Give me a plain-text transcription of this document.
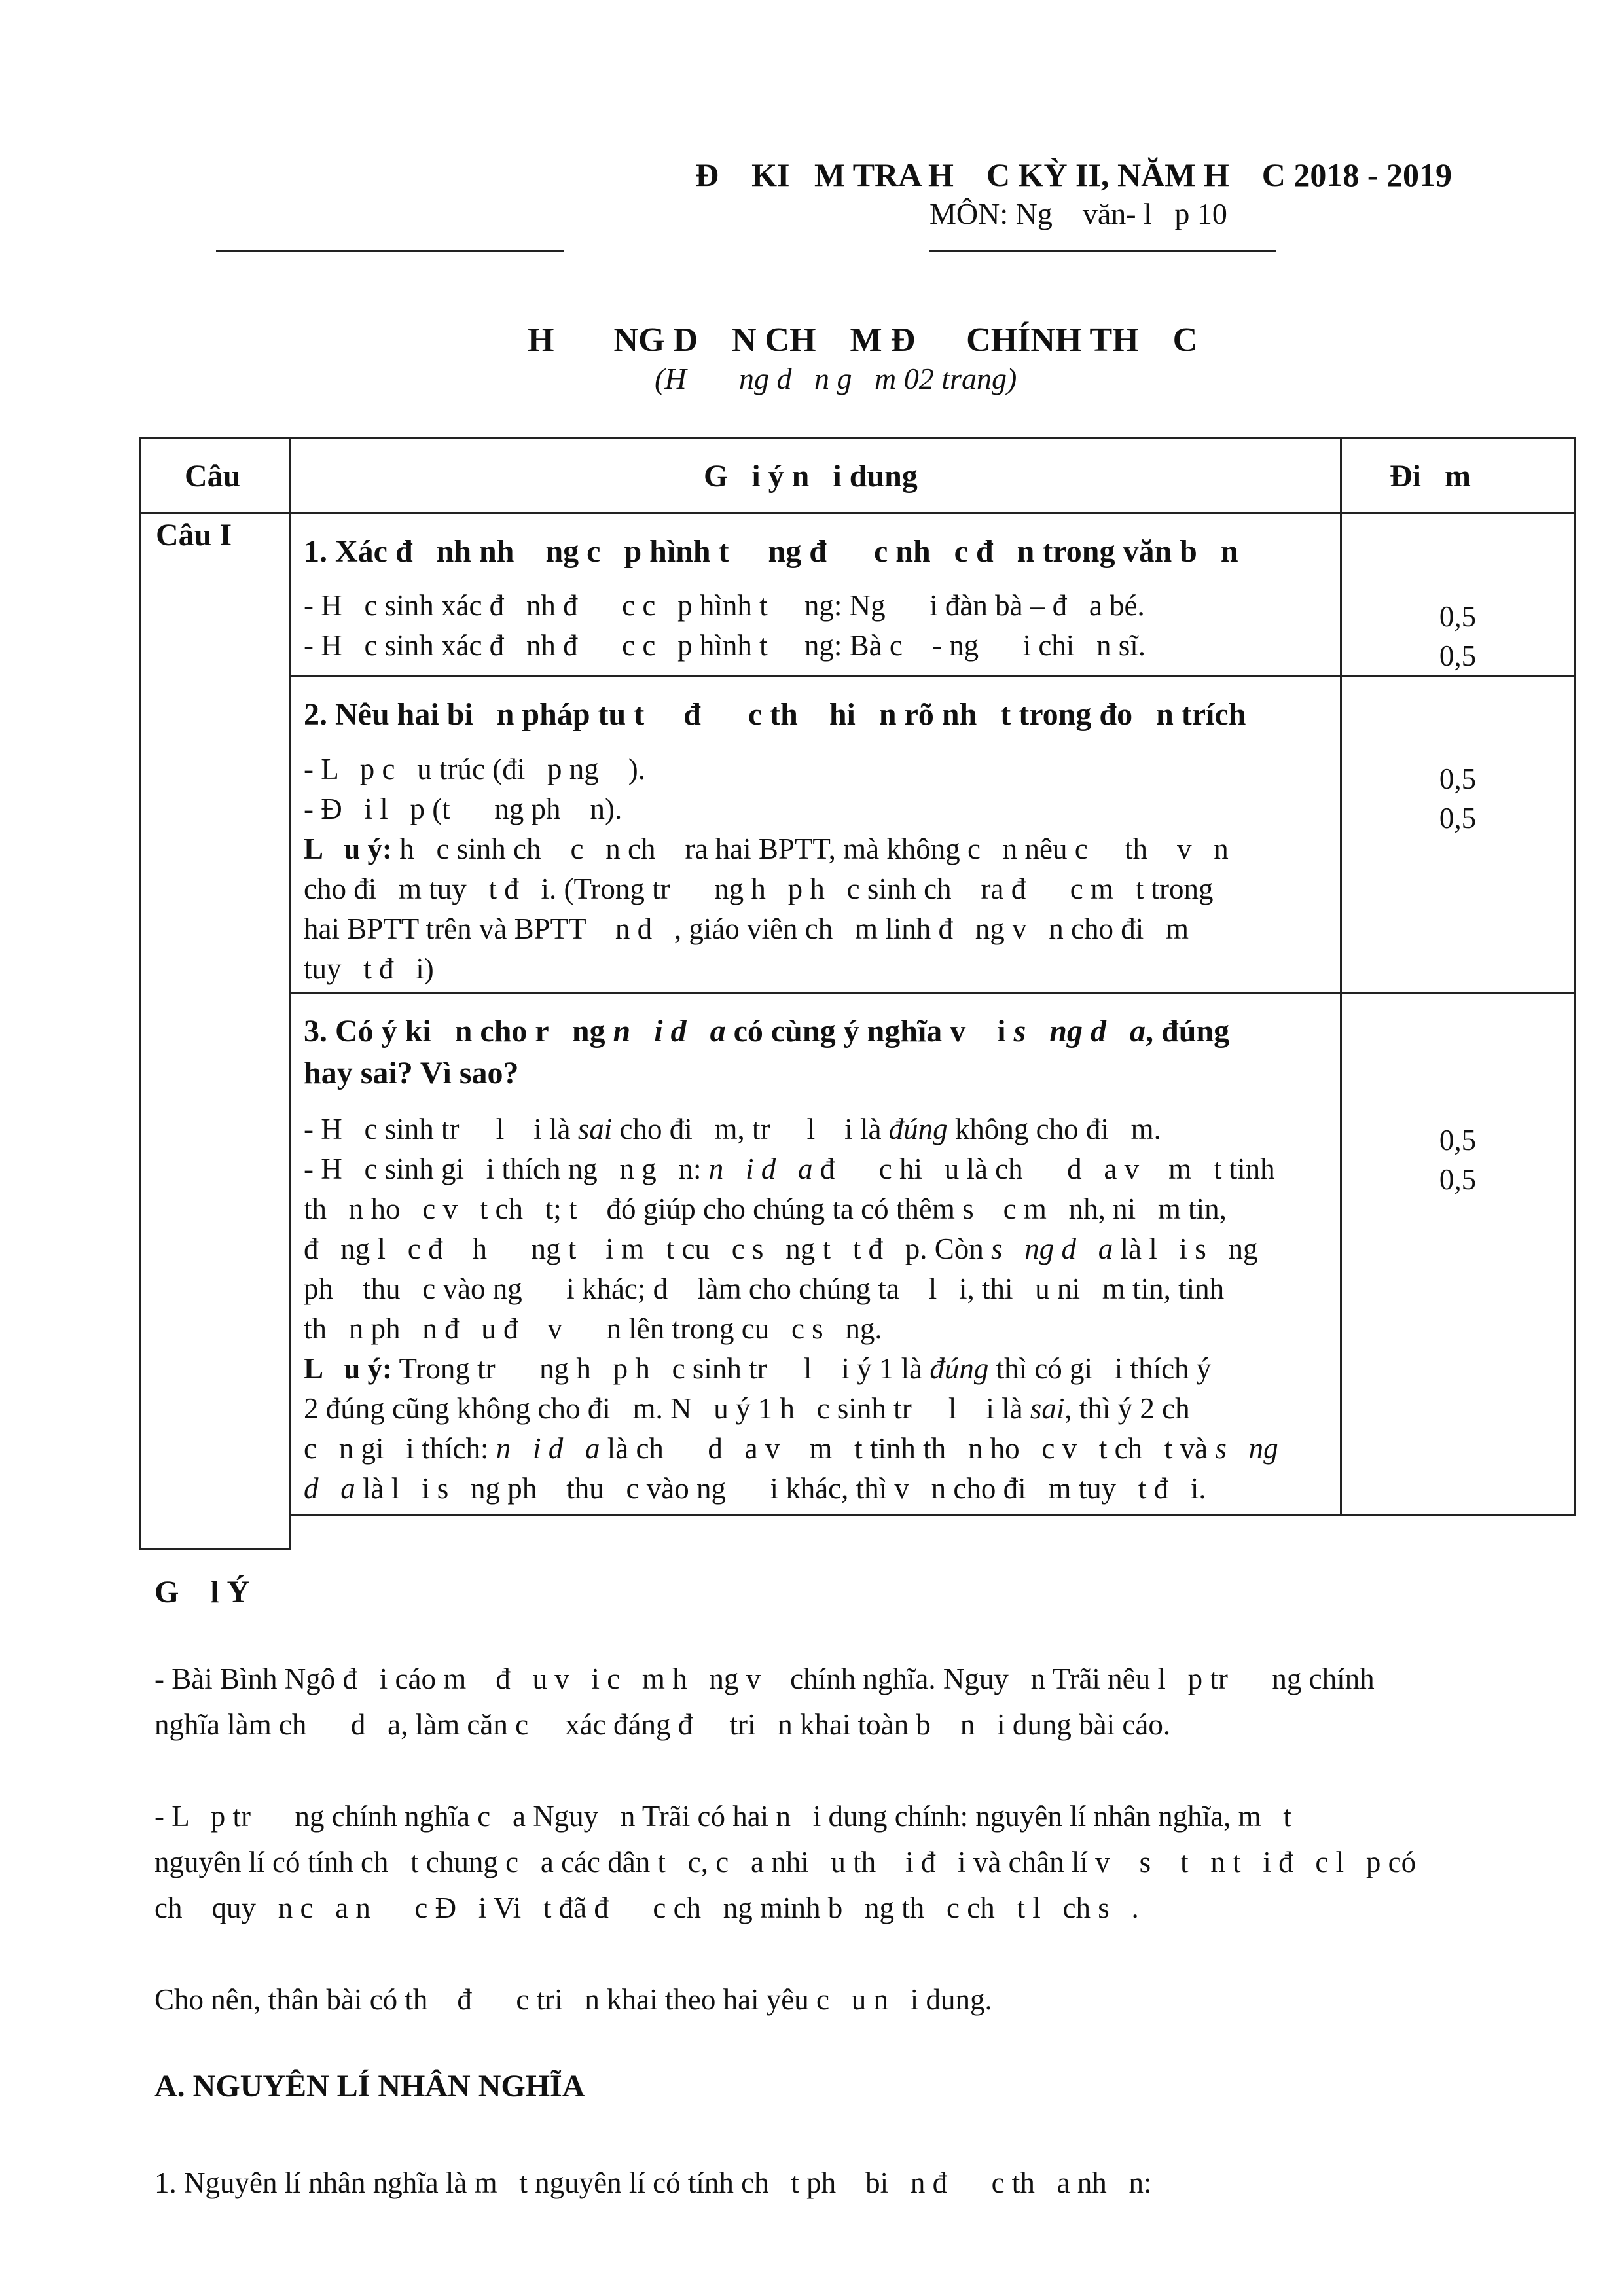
Đ    KI   M TRA H    C KỲ II, NĂM H    C 2018 - 2019
MÔN: Ng    văn- l   p 10
H       NG D    N CH    M Đ      CHÍNH TH    C
(H       ng d   n g   m 02 trang)
Câu	G   i ý n   i dung	Đi   m
Câu I 1. Xác đ   nh nh    ng c   p hình t     ng đ      c nh   c đ   n trong văn b   n
- H   c sinh xác đ   nh đ      c c   p hình t     ng: Ng      i đàn bà – đ   a bé.
- H   c sinh xác đ   nh đ      c c   p hình t     ng: Bà c    - ng      i chi   n sĩ.
0,5
0,5
2. Nêu hai bi   n pháp tu t     đ      c th    hi   n rõ nh   t trong đo   n trích
- L   p c   u trúc (đi   p ng    ).
- Đ   i l   p (t      ng ph    n).
L   u ý: h   c sinh ch    c   n ch    ra hai BPTT, mà không c   n nêu c     th    v   n
cho đi   m tuy   t đ   i. (Trong tr      ng h   p h   c sinh ch    ra đ      c m   t trong
hai BPTT trên và BPTT    n d   , giáo viên ch   m linh đ   ng v   n cho đi   m
tuy   t đ   i)
0,5
0,5
3. Có ý ki   n cho r   ng n   i d   a có cùng ý nghĩa v    i s   ng d   a, đúng
hay sai? Vì sao?
- H   c sinh tr     l    i là sai cho đi   m, tr     l    i là đúng không cho đi   m.
- H   c sinh gi   i thích ng   n g   n: n   i d   a đ      c hi   u là ch      d   a v    m   t tinh
th   n ho   c v   t ch   t; t    đó giúp cho chúng ta có thêm s    c m   nh, ni   m tin,
đ   ng l   c đ    h      ng t    i m   t cu   c s   ng t   t đ   p. Còn s   ng d   a là l   i s   ng
ph    thu   c vào ng      i khác; d    làm cho chúng ta    l   i, thi   u ni   m tin, tinh
th   n ph   n đ   u đ    v      n lên trong cu   c s   ng.
L   u ý: Trong tr      ng h   p h   c sinh tr     l    i ý 1 là đúng thì có gi   i thích ý
2 đúng cũng không cho đi   m. N   u ý 1 h   c sinh tr     l    i là sai, thì ý 2 ch
c   n gi   i thích: n   i d   a là ch      d   a v    m   t tinh th   n ho   c v   t ch   t và s   ng
d   a là l   i s   ng ph    thu   c vào ng      i khác, thì v   n cho đi   m tuy   t đ   i.
0,5
0,5
G    l Ý
- Bài Bình Ngô đ   i cáo m    đ   u v   i c   m h   ng v    chính nghĩa. Nguy   n Trãi nêu l   p tr      ng chính
nghĩa làm ch      d   a, làm căn c     xác đáng đ     tri   n khai toàn b    n   i dung bài cáo.
- L   p tr      ng chính nghĩa c   a Nguy   n Trãi có hai n   i dung chính: nguyên lí nhân nghĩa, m   t
nguyên lí có tính ch   t chung c   a các dân t   c, c   a nhi   u th    i đ   i và chân lí v    s    t   n t   i đ   c l   p có
ch    quy   n c   a n      c Đ   i Vi   t đã đ      c ch   ng minh b   ng th   c ch   t l   ch s   .
Cho nên, thân bài có th    đ      c tri   n khai theo hai yêu c   u n   i dung.
A. NGUYÊN LÍ NHÂN NGHĨA
1. Nguyên lí nhân nghĩa là m   t nguyên lí có tính ch   t ph    bi   n đ      c th   a nh   n:
